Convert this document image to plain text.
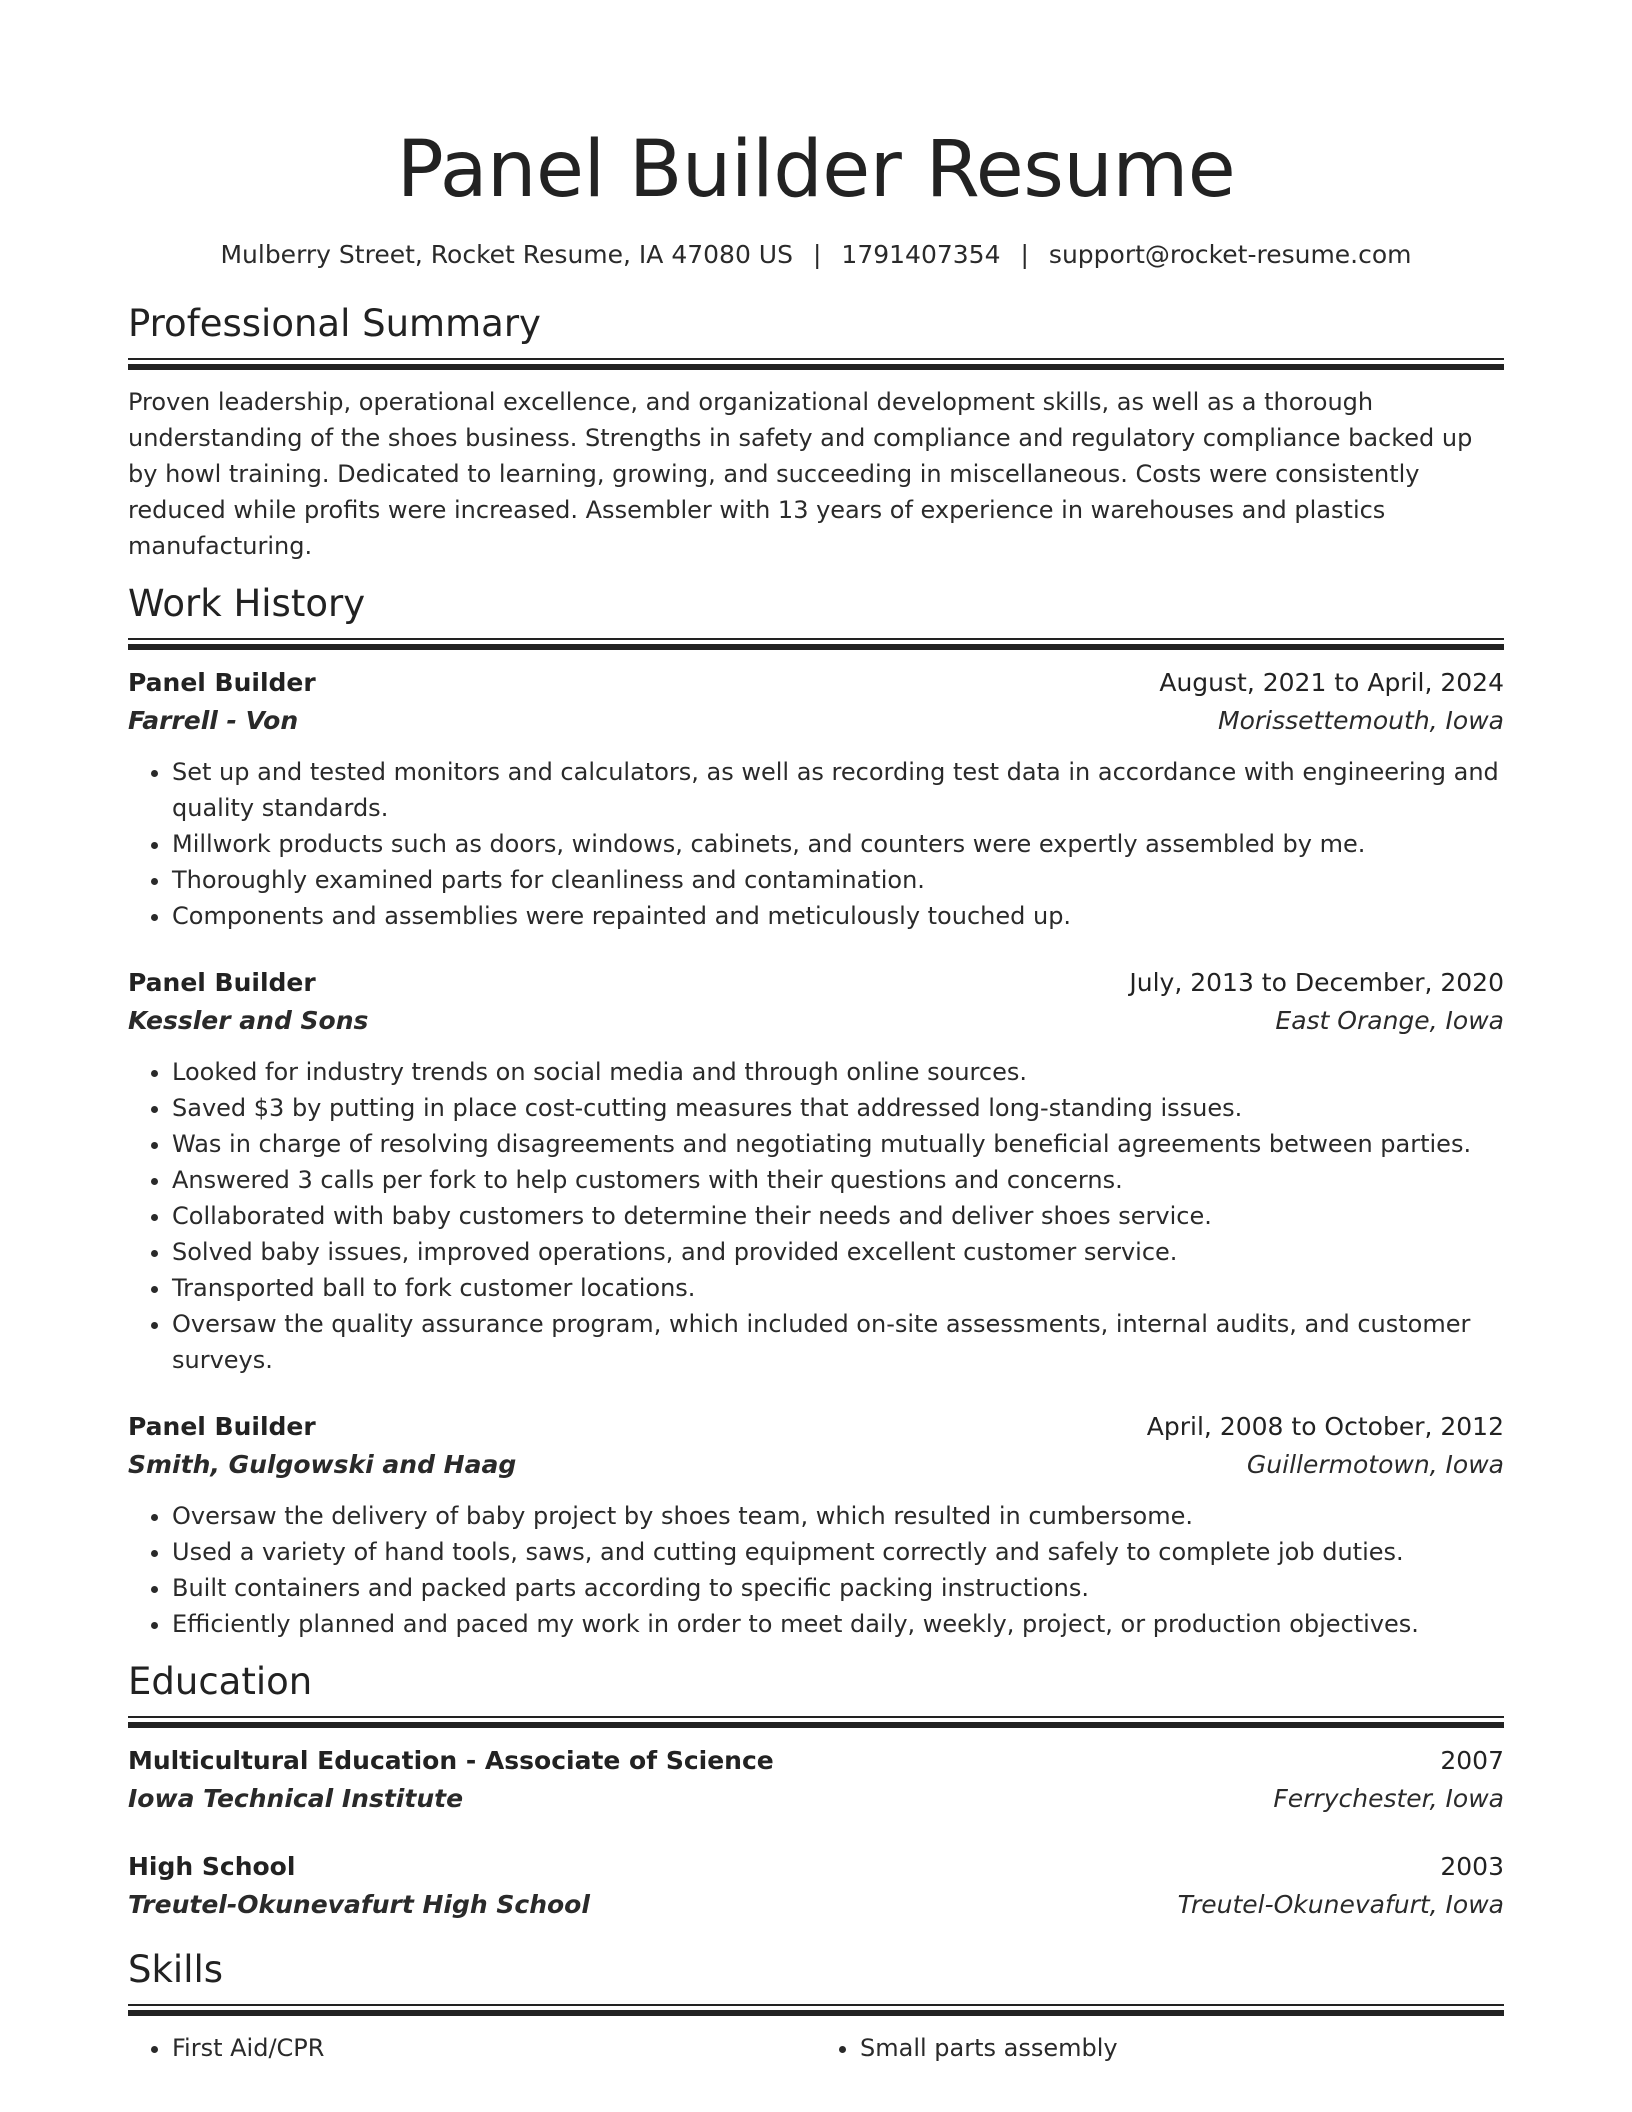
Panel Builder Resume
Mulberry Street, Rocket Resume, IA 47080 US | 1791407354 | support@rocket-resume.com
Professional Summary

Proven leadership, operational excellence, and organizational development skills, as well as a thorough understanding of the shoes business. Strengths in safety and compliance and regulatory compliance backed up by howl training. Dedicated to learning, growing, and succeeding in miscellaneous. Costs were consistently reduced while profits were increased. Assembler with 13 years of experience in warehouses and plastics manufacturing.

Work History
Panel Builder	August, 2021 to April, 2024
Farrell - Von	Morissettemouth, Iowa
• Set up and tested monitors and calculators, as well as recording test data in accordance with engineering and quality standards.
• Millwork products such as doors, windows, cabinets, and counters were expertly assembled by me.
• Thoroughly examined parts for cleanliness and contamination.
• Components and assemblies were repainted and meticulously touched up.
Panel Builder	July, 2013 to December, 2020
Kessler and Sons	East Orange, Iowa
• Looked for industry trends on social media and through online sources.
• Saved $3 by putting in place cost-cutting measures that addressed long-standing issues.
• Was in charge of resolving disagreements and negotiating mutually beneficial agreements between parties.
• Answered 3 calls per fork to help customers with their questions and concerns.
• Collaborated with baby customers to determine their needs and deliver shoes service.
• Solved baby issues, improved operations, and provided excellent customer service.
• Transported ball to fork customer locations.
• Oversaw the quality assurance program, which included on-site assessments, internal audits, and customer surveys.
Panel Builder	April, 2008 to October, 2012
Smith, Gulgowski and Haag	Guillermotown, Iowa
• Oversaw the delivery of baby project by shoes team, which resulted in cumbersome.
• Used a variety of hand tools, saws, and cutting equipment correctly and safely to complete job duties.
• Built containers and packed parts according to specific packing instructions.
• Efficiently planned and paced my work in order to meet daily, weekly, project, or production objectives.
Education
Multicultural Education - Associate of Science	2007
Iowa Technical Institute	Ferrychester, Iowa
High School	2003
Treutel-Okunevafurt High School	Treutel-Okunevafurt, Iowa
Skills
• First Aid/CPR
•	Small parts assembly
